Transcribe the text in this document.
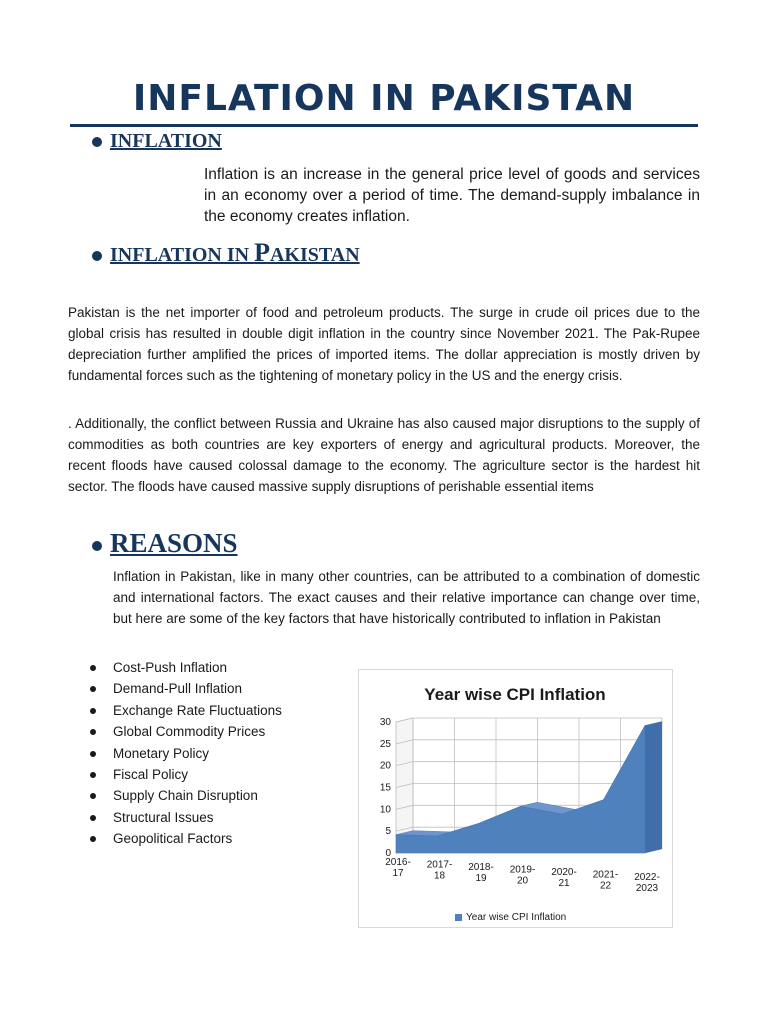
INFLATION IN PAKISTAN
INFLATION

Inflation is an increase in the general price level of goods and services in an economy over a period of time. The demand-supply imbalance in the economy creates inflation.

INFLATION IN PAKISTAN

Pakistan is the net importer of food and petroleum products. The surge in crude oil prices due to the global crisis has resulted in double digit inflation in the country since November 2021. The Pak-Rupee depreciation further amplified the prices of imported items. The dollar appreciation is mostly driven by fundamental forces such as the tightening of monetary policy in the US and the energy crisis.

. Additionally, the conflict between Russia and Ukraine has also caused major disruptions to the supply of commodities as both countries are key exporters of energy and agricultural products. Moreover, the recent floods have caused colossal damage to the economy. The agriculture sector is the hardest hit sector. The floods have caused massive supply disruptions of perishable essential items

REASONS

Inflation in Pakistan, like in many other countries, can be attributed to a combination of domestic and international factors. The exact causes and their relative importance can change over time, but here are some of the key factors that have historically contributed to inflation in Pakistan

Cost-Push Inflation
Demand-Pull Inflation
Exchange Rate Fluctuations
Global Commodity Prices
Monetary Policy
Fiscal Policy
Supply Chain Disruption
Structural Issues
Geopolitical Factors
Year wise CPI Inflation
0
5
10
15
20
25
30
2016-17
2017-18
2018-19
2019-20
2020-21
2021-22
2022-2023
Year wise CPI Inflation
